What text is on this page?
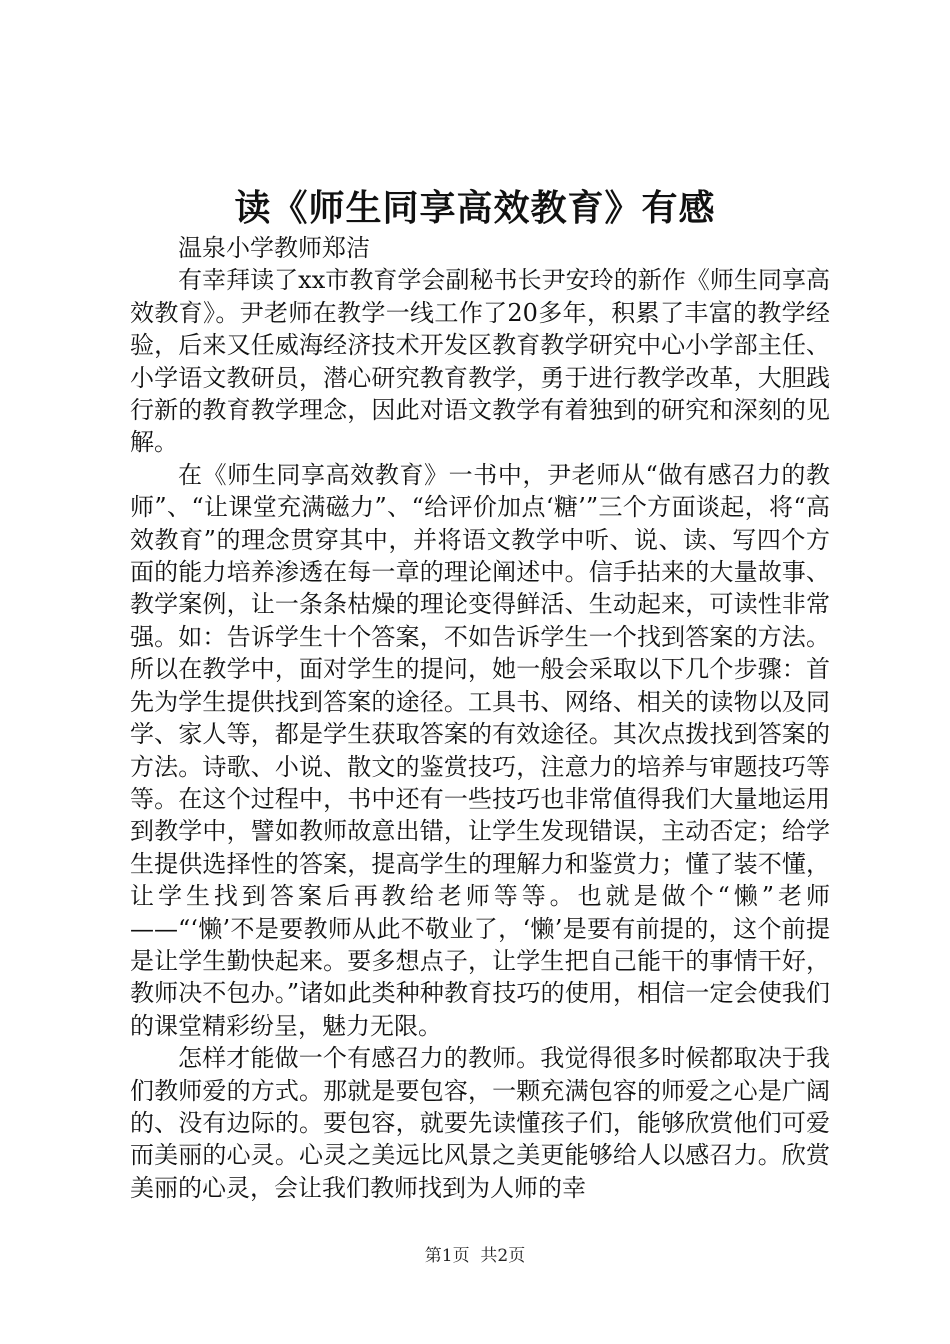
读《师生同享高效教育》有感

温泉小学教师郑洁

有幸拜读了xx市教育学会副秘书长尹安玲的新作《师生同享高效教育》。尹老师在教学一线工作了20多年，积累了丰富的教学经验，后来又任威海经济技术开发区教育教学研究中心小学部主任、小学语文教研员，潜心研究教育教学，勇于进行教学改革，大胆践行新的教育教学理念，因此对语文教学有着独到的研究和深刻的见解。

在《师生同享高效教育》一书中，尹老师从“做有感召力的教师”、“让课堂充满磁力”、“给评价加点‘糖’”三个方面谈起，将“高效教育”的理念贯穿其中，并将语文教学中听、说、读、写四个方面的能力培养渗透在每一章的理论阐述中。信手拈来的大量故事、教学案例，让一条条枯燥的理论变得鲜活、生动起来，可读性非常强。如：告诉学生十个答案，不如告诉学生一个找到答案的方法。所以在教学中，面对学生的提问，她一般会采取以下几个步骤：首先为学生提供找到答案的途径。工具书、网络、相关的读物以及同学、家人等，都是学生获取答案的有效途径。其次点拨找到答案的方法。诗歌、小说、散文的鉴赏技巧，注意力的培养与审题技巧等等。在这个过程中，书中还有一些技巧也非常值得我们大量地运用到教学中，譬如教师故意出错，让学生发现错误，主动否定；给学生提供选择性的答案，提高学生的理解力和鉴赏力；懂了装不懂，让学生找到答案后再教给老师等等。也就是做个“懒”老师——“‘懒’不是要教师从此不敬业了，‘懒’是要有前提的，这个前提是让学生勤快起来。要多想点子，让学生把自己能干的事情干好，教师决不包办。”诸如此类种种教育技巧的使用，相信一定会使我们的课堂精彩纷呈，魅力无限。

怎样才能做一个有感召力的教师。我觉得很多时候都取决于我们教师爱的方式。那就是要包容，一颗充满包容的师爱之心是广阔的、没有边际的。要包容，就要先读懂孩子们，能够欣赏他们可爱而美丽的心灵。心灵之美远比风景之美更能够给人以感召力。欣赏美丽的心灵，会让我们教师找到为人师的幸

第1页 共2页
